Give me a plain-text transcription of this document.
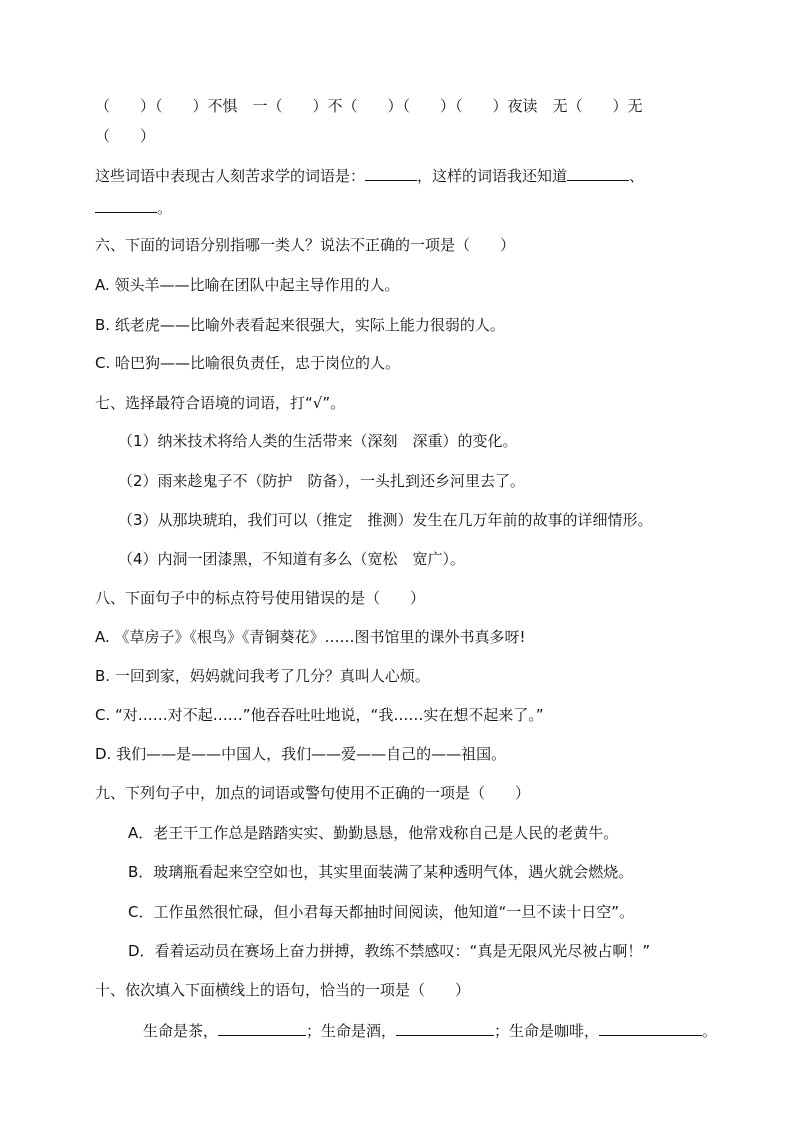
（　　）（　　）不惧　一（　　）不（　　）（　　）（　　）夜读　无（　　）无
（　　）
这些词语中表现古人刻苦求学的词语是：	，这样的词语我还知道	、
。
六、下面的词语分别指哪一类人？说法不正确的一项是（　　）
A. 领头羊——比喻在团队中起主导作用的人。
B. 纸老虎——比喻外表看起来很强大，实际上能力很弱的人。
C. 哈巴狗——比喻很负责任，忠于岗位的人。
七、选择最符合语境的词语，打“√”。
（1）纳米技术将给人类的生活带来（深刻　深重）的变化。
（2）雨来趁鬼子不（防护　防备），一头扎到还乡河里去了。
（3）从那块琥珀，我们可以（推定　推测）发生在几万年前的故事的详细情形。
（4）内洞一团漆黑，不知道有多么（宽松　宽广）。
八、下面句子中的标点符号使用错误的是（　　）
A. 《草房子》《根鸟》《青铜葵花》……图书馆里的课外书真多呀!
B. 一回到家，妈妈就问我考了几分？真叫人心烦。
C. “对……对不起……”他吞吞吐吐地说，“我……实在想不起来了。”
D. 我们——是——中国人，我们——爱——自己的——祖国。
九、下列句子中，加点的词语或警句使用不正确的一项是（　　）
A．老王干工作总是踏踏实实、勤勤恳恳，他常戏称自己是人民的老黄牛。
B．玻璃瓶看起来空空如也，其实里面装满了某种透明气体，遇火就会燃烧。
C．工作虽然很忙碌，但小君每天都抽时间阅读，他知道“一旦不读十日空”。
D．看着运动员在赛场上奋力拼搏，教练不禁感叹：“真是无限风光尽被占啊！”
十、依次填入下面横线上的语句，恰当的一项是（　　）
生命是茶，	；生命是酒，	；生命是咖啡，	。
